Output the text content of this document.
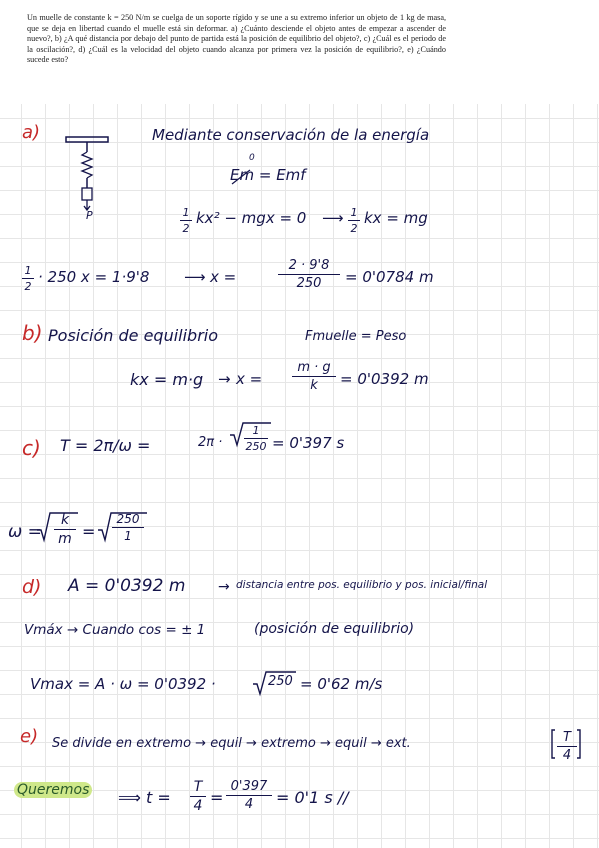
Un muelle de constante k = 250 N/m se cuelga de un soporte rígido y se une a su extremo inferior un objeto de 1 kg de masa, que se deja en libertad cuando el muelle está sin deformar. a) ¿Cuánto desciende el objeto antes de empezar a ascender de nuevo?, b) ¿A qué distancia por debajo del punto de partida está la posición de equilibrio del objeto?, c) ¿Cuál es el periodo de la oscilación?, d) ¿Cuál es la velocidad del objeto cuando alcanza por primera vez la posición de equilibrio?, e) ¿Cuándo sucede esto?

a)
P
Mediante conservación de la energía
0
Em = Emf
1
2
kx² − mgx = 0 ⟶ 1
2
kx = mg
1
2
· 250 x = 1·9'8 ⟶ x =
2 · 9'8
250	= 0'0784 m
b) Posición de equilibrio	Fmuelle = Peso
kx = m·g → x =
m · g
k	= 0'0392 m
c) T = 2π/ω =	2π ·
1
250 = 0'397 s
ω =
k
m =
250
1
d) A = 0'0392 m → distancia entre pos. equilibrio y pos. inicial/final
Vmáx → Cuando cos = ± 1	(posición de equilibrio)
Vmax = A · ω = 0'0392 ·	250 = 0'62 m/s
e) Se divide en extremo → equil → extremo → equil → ext.	T
4
Queremos ⟹ t =
T
4 =
0'397
4	= 0'1 s //
